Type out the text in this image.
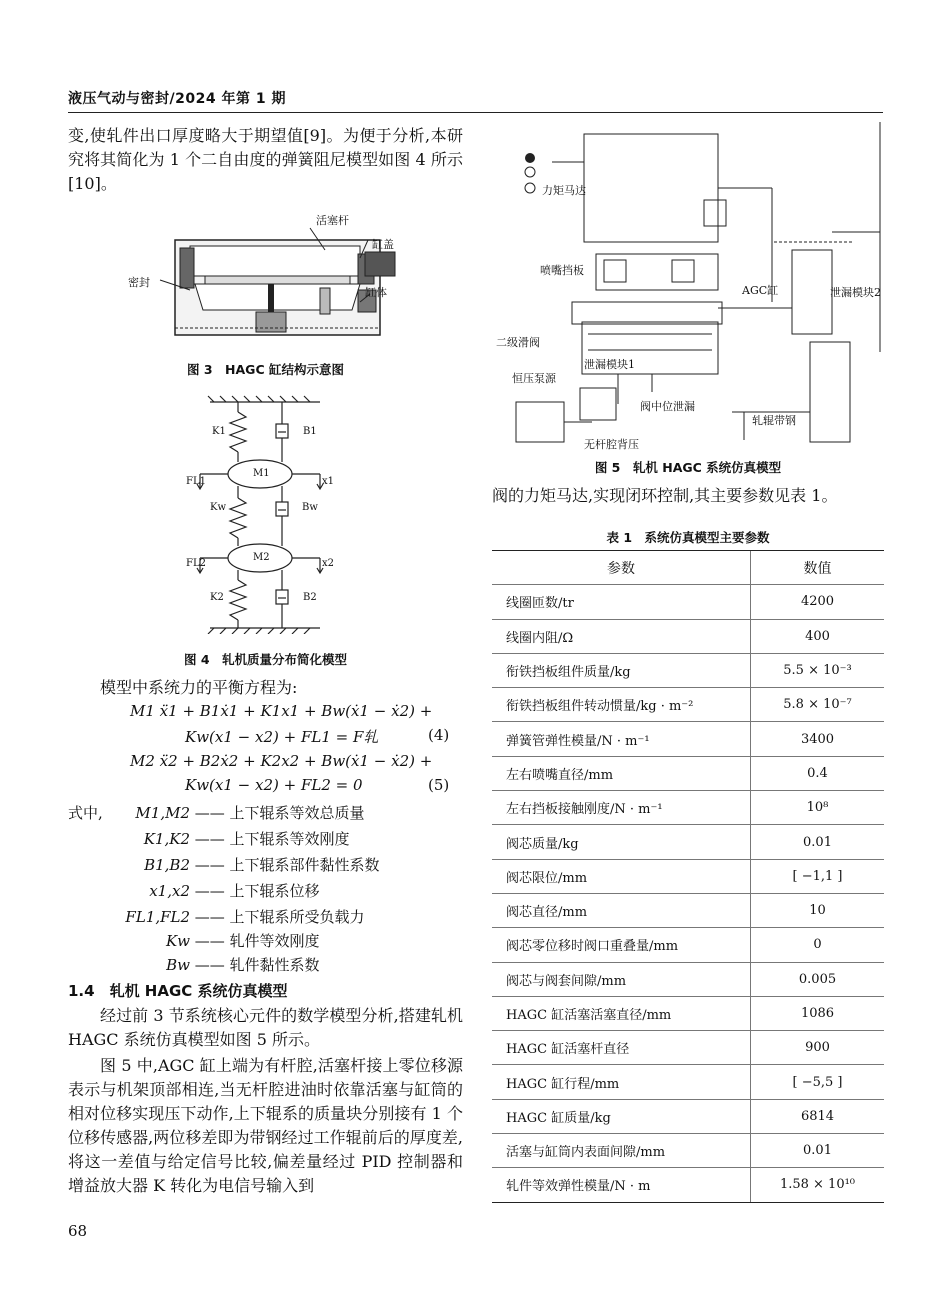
液压气动与密封/2024 年第 1 期
变,使轧件出口厚度略大于期望值[9]。为便于分析,本研究将其简化为 1 个二自由度的弹簧阻尼模型如图 4 所示[10]。
活塞杆
缸盖
密封
缸体
图 3　HAGC 缸结构示意图
K1	B1
M1
FL1	x1
Kw	Bw
M2
FL2	x2
K2	B2
图 4　轧机质量分布简化模型
模型中系统力的平衡方程为:
M1 ẍ1 + B1ẋ1 + K1x1 + Bw(ẋ1 − ẋ2) +
Kw(x1 − x2) + FL1 = F轧	(4)
M2 ẍ2 + B2ẋ2 + K2x2 + Bw(ẋ1 − ẋ2) +
Kw(x1 − x2) + FL2 = 0	(5)
式中,	M1,M2 —— 上下辊系等效总质量
K1,K2 —— 上下辊系等效刚度
B1,B2 —— 上下辊系部件黏性系数
x1,x2 —— 上下辊系位移
FL1,FL2 —— 上下辊系所受负载力
Kw —— 轧件等效刚度
Bw —— 轧件黏性系数
1.4　轧机 HAGC 系统仿真模型
经过前 3 节系统核心元件的数学模型分析,搭建轧机 HAGC 系统仿真模型如图 5 所示。
图 5 中,AGC 缸上端为有杆腔,活塞杆接上零位移源表示与机架顶部相连,当无杆腔进油时依靠活塞与缸筒的相对位移实现压下动作,上下辊系的质量块分别接有 1 个位移传感器,两位移差即为带钢经过工作辊前后的厚度差,将这一差值与给定信号比较,偏差量经过 PID 控制器和增益放大器 K 转化为电信号输入到
68
力矩马达
喷嘴挡板
AGC缸	泄漏模块2
二级滑阀
泄漏模块1
恒压泵源
阀中位泄漏
轧辊带钢
无杆腔背压
图 5　轧机 HAGC 系统仿真模型
阀的力矩马达,实现闭环控制,其主要参数见表 1。
表 1　系统仿真模型主要参数
参数	数值
线圈匝数/tr	4200
线圈内阻/Ω	400
衔铁挡板组件质量/kg	5.5 × 10⁻³
衔铁挡板组件转动惯量/kg · m⁻²	5.8 × 10⁻⁷
弹簧管弹性模量/N · m⁻¹	3400
左右喷嘴直径/mm	0.4
左右挡板接触刚度/N · m⁻¹	10⁸
阀芯质量/kg	0.01
阀芯限位/mm	[ −1,1 ]
阀芯直径/mm	10
阀芯零位移时阀口重叠量/mm	0
阀芯与阀套间隙/mm	0.005
HAGC 缸活塞活塞直径/mm	1086
HAGC 缸活塞杆直径	900
HAGC 缸行程/mm	[ −5,5 ]
HAGC 缸质量/kg	6814
活塞与缸筒内表面间隙/mm	0.01
轧件等效弹性模量/N · m	1.58 × 10¹⁰
